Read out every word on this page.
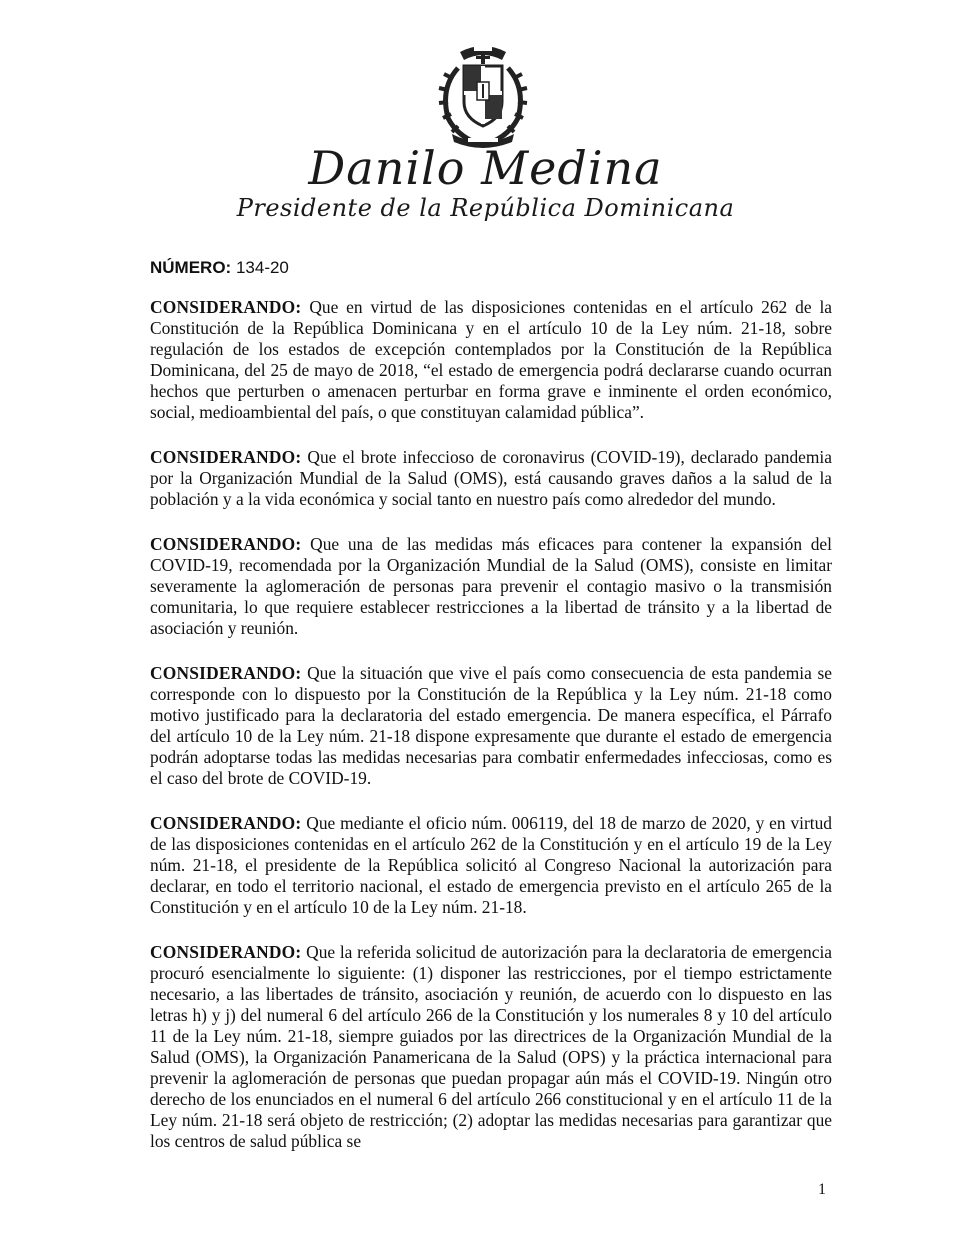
Danilo Medina
Presidente de la República Dominicana
NÚMERO: 134-20

CONSIDERANDO: Que en virtud de las disposiciones contenidas en el artículo 262 de la Constitución de la República Dominicana y en el artículo 10 de la Ley núm. 21-18, sobre regulación de los estados de excepción contemplados por la Constitución de la República Dominicana, del 25 de mayo de 2018, “el estado de emergencia podrá declararse cuando ocurran hechos que perturben o amenacen perturbar en forma grave e inminente el orden económico, social, medioambiental del país, o que constituyan calamidad pública”.

CONSIDERANDO: Que el brote infeccioso de coronavirus (COVID-19), declarado pandemia por la Organización Mundial de la Salud (OMS), está causando graves daños a la salud de la población y a la vida económica y social tanto en nuestro país como alrededor del mundo.

CONSIDERANDO: Que una de las medidas más eficaces para contener la expansión del COVID-19, recomendada por la Organización Mundial de la Salud (OMS), consiste en limitar severamente la aglomeración de personas para prevenir el contagio masivo o la transmisión comunitaria, lo que requiere establecer restricciones a la libertad de tránsito y a la libertad de asociación y reunión.

CONSIDERANDO: Que la situación que vive el país como consecuencia de esta pandemia se corresponde con lo dispuesto por la Constitución de la República y la Ley núm. 21-18 como motivo justificado para la declaratoria del estado emergencia. De manera específica, el Párrafo del artículo 10 de la Ley núm. 21-18 dispone expresamente que durante el estado de emergencia podrán adoptarse todas las medidas necesarias para combatir enfermedades infecciosas, como es el caso del brote de COVID-19.

CONSIDERANDO: Que mediante el oficio núm. 006119, del 18 de marzo de 2020, y en virtud de las disposiciones contenidas en el artículo 262 de la Constitución y en el artículo 19 de la Ley núm. 21-18, el presidente de la República solicitó al Congreso Nacional la autorización para declarar, en todo el territorio nacional, el estado de emergencia previsto en el artículo 265 de la Constitución y en el artículo 10 de la Ley núm. 21-18.

CONSIDERANDO: Que la referida solicitud de autorización para la declaratoria de emergencia procuró esencialmente lo siguiente: (1) disponer las restricciones, por el tiempo estrictamente necesario, a las libertades de tránsito, asociación y reunión, de acuerdo con lo dispuesto en las letras h) y j) del numeral 6 del artículo 266 de la Constitución y los numerales 8 y 10 del artículo 11 de la Ley núm. 21-18, siempre guiados por las directrices de la Organización Mundial de la Salud (OMS), la Organización Panamericana de la Salud (OPS) y la práctica internacional para prevenir la aglomeración de personas que puedan propagar aún más el COVID-19. Ningún otro derecho de los enunciados en el numeral 6 del artículo 266 constitucional y en el artículo 11 de la Ley núm. 21-18 será objeto de restricción; (2) adoptar las medidas necesarias para garantizar que los centros de salud pública se

1
